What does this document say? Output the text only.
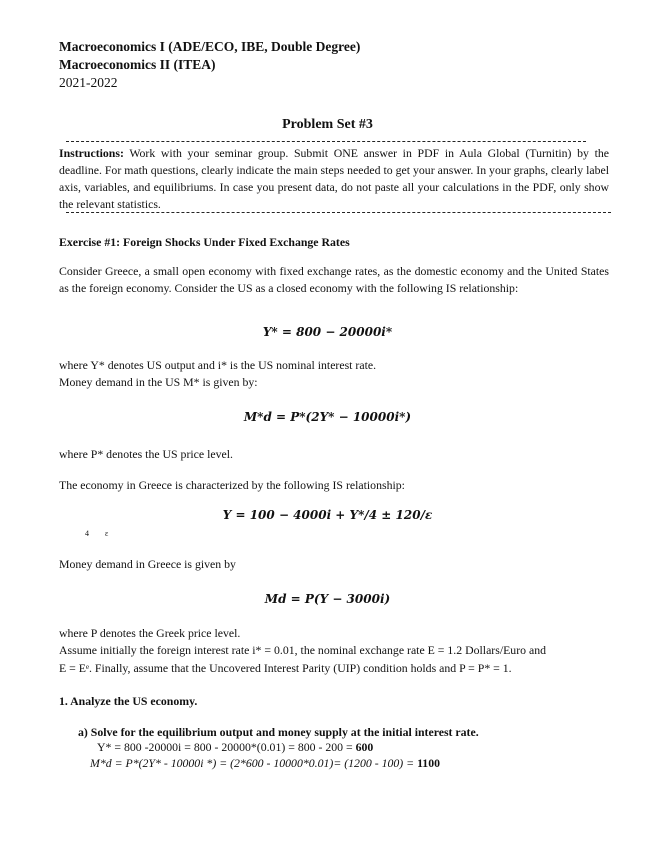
Macroeconomics I (ADE/ECO, IBE, Double Degree)
Macroeconomics II (ITEA)
2021-2022
Problem Set #3
Instructions: Work with your seminar group. Submit ONE answer in PDF in Aula Global (Turnitin) by the deadline. For math questions, clearly indicate the main steps needed to get your answer. In your graphs, clearly label axis, variables, and equilibriums. In case you present data, do not paste all your calculations in the PDF, only show the relevant statistics.
Exercise #1: Foreign Shocks Under Fixed Exchange Rates
Consider Greece, a small open economy with fixed exchange rates, as the domestic economy and the United States as the foreign economy. Consider the US as a closed economy with the following IS relationship:
Y* = 800 − 20000i*
where Y* denotes US output and i* is the US nominal interest rate.
Money demand in the US M* is given by:
M*d = P*(2Y* − 10000i*)
where P* denotes the US price level.
The economy in Greece is characterized by the following IS relationship:
Y = 100 − 4000i + Y*/4 ± 120/ε
4        ε
Money demand in Greece is given by
Md = P(Y − 3000i)
where P denotes the Greek price level.
Assume initially the foreign interest rate i* = 0.01, the nominal exchange rate E = 1.2 Dollars/Euro and
E = Eᵉ. Finally, assume that the Uncovered Interest Parity (UIP) condition holds and P = P* = 1.
1. Analyze the US economy.
a) Solve for the equilibrium output and money supply at the initial interest rate.
Y* = 800 -20000i = 800 - 20000*(0.01) = 800 - 200 = 600
M*d = P*(2Y* - 10000i *) = (2*600 - 10000*0.01)= (1200 - 100) = 1100
